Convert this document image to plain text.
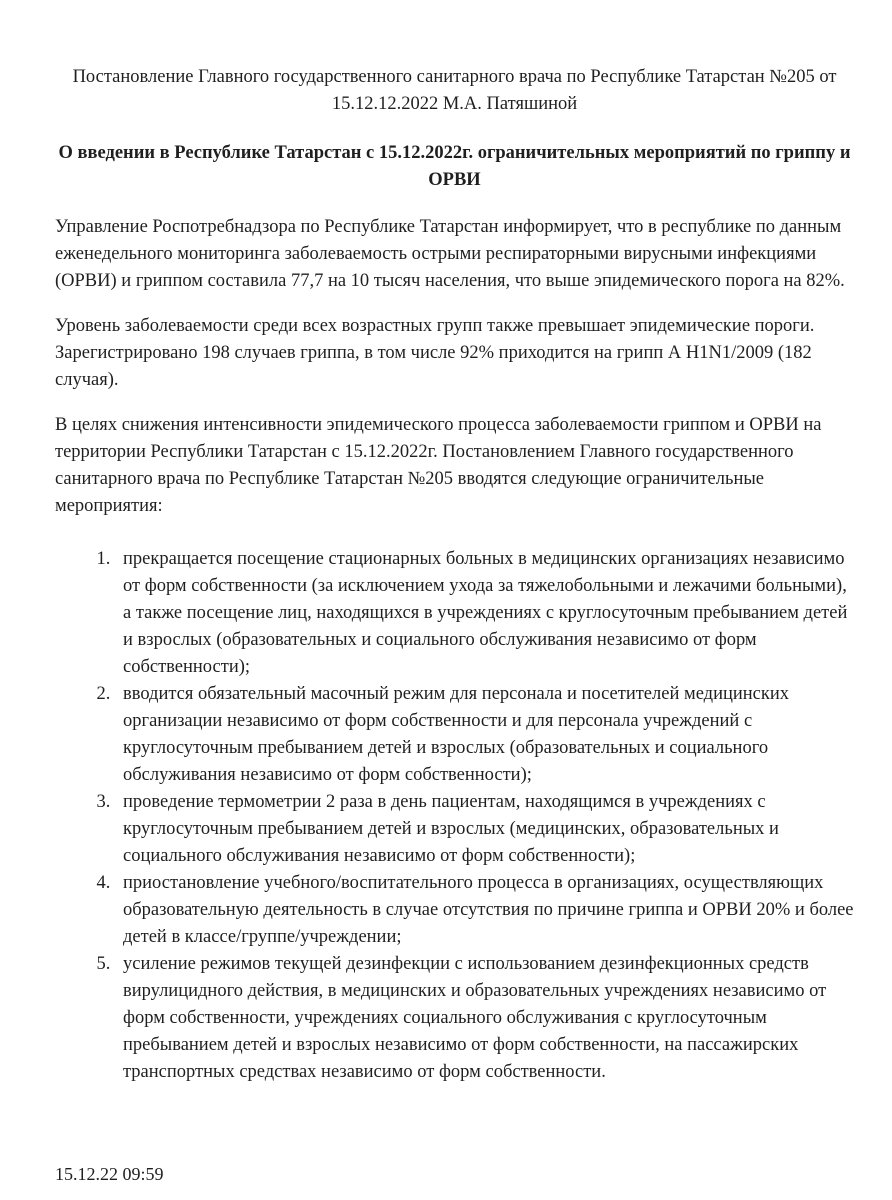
Постановление Главного государственного санитарного врача по Республике Татарстан №205 от 15.12.12.2022 М.А. Патяшиной

О введении в Республике Татарстан с 15.12.2022г. ограничительных мероприятий по гриппу и ОРВИ

Управление Роспотребнадзора по Республике Татарстан информирует, что в республике по данным еженедельного мониторинга заболеваемость острыми респираторными вирусными инфекциями (ОРВИ) и гриппом составила 77,7 на 10 тысяч населения, что выше эпидемического порога на 82%.

Уровень заболеваемости среди всех возрастных групп также превышает эпидемические пороги. Зарегистрировано 198 случаев гриппа, в том числе 92% приходится на грипп А H1N1/2009 (182 случая).

В целях снижения интенсивности эпидемического процесса заболеваемости гриппом и ОРВИ на территории Республики Татарстан с 15.12.2022г. Постановлением Главного государственного санитарного врача по Республике Татарстан №205 вводятся следующие ограничительные мероприятия:

1. прекращается посещение стационарных больных в медицинских организациях независимо от форм собственности (за исключением ухода за тяжелобольными и лежачими больными), а также посещение лиц, находящихся в учреждениях с круглосуточным пребыванием детей и взрослых (образовательных и социального обслуживания независимо от форм собственности);
2. вводится обязательный масочный режим для персонала и посетителей медицинских организации независимо от форм собственности и для персонала учреждений с круглосуточным пребыванием детей и взрослых (образовательных и социального обслуживания независимо от форм собственности);
3. проведение термометрии 2 раза в день пациентам, находящимся в учреждениях с круглосуточным пребыванием детей и взрослых (медицинских, образовательных и социального обслуживания независимо от форм собственности);
4. приостановление учебного/воспитательного процесса в организациях, осуществляющих образовательную деятельность в случае отсутствия по причине гриппа и ОРВИ 20% и более детей в классе/группе/учреждении;
5. усиление режимов текущей дезинфекции с использованием дезинфекционных средств вирулицидного действия, в медицинских и образовательных учреждениях независимо от форм собственности, учреждениях социального обслуживания с круглосуточным пребыванием детей и взрослых независимо от форм собственности, на пассажирских транспортных средствах независимо от форм собственности.

15.12.22 09:59
